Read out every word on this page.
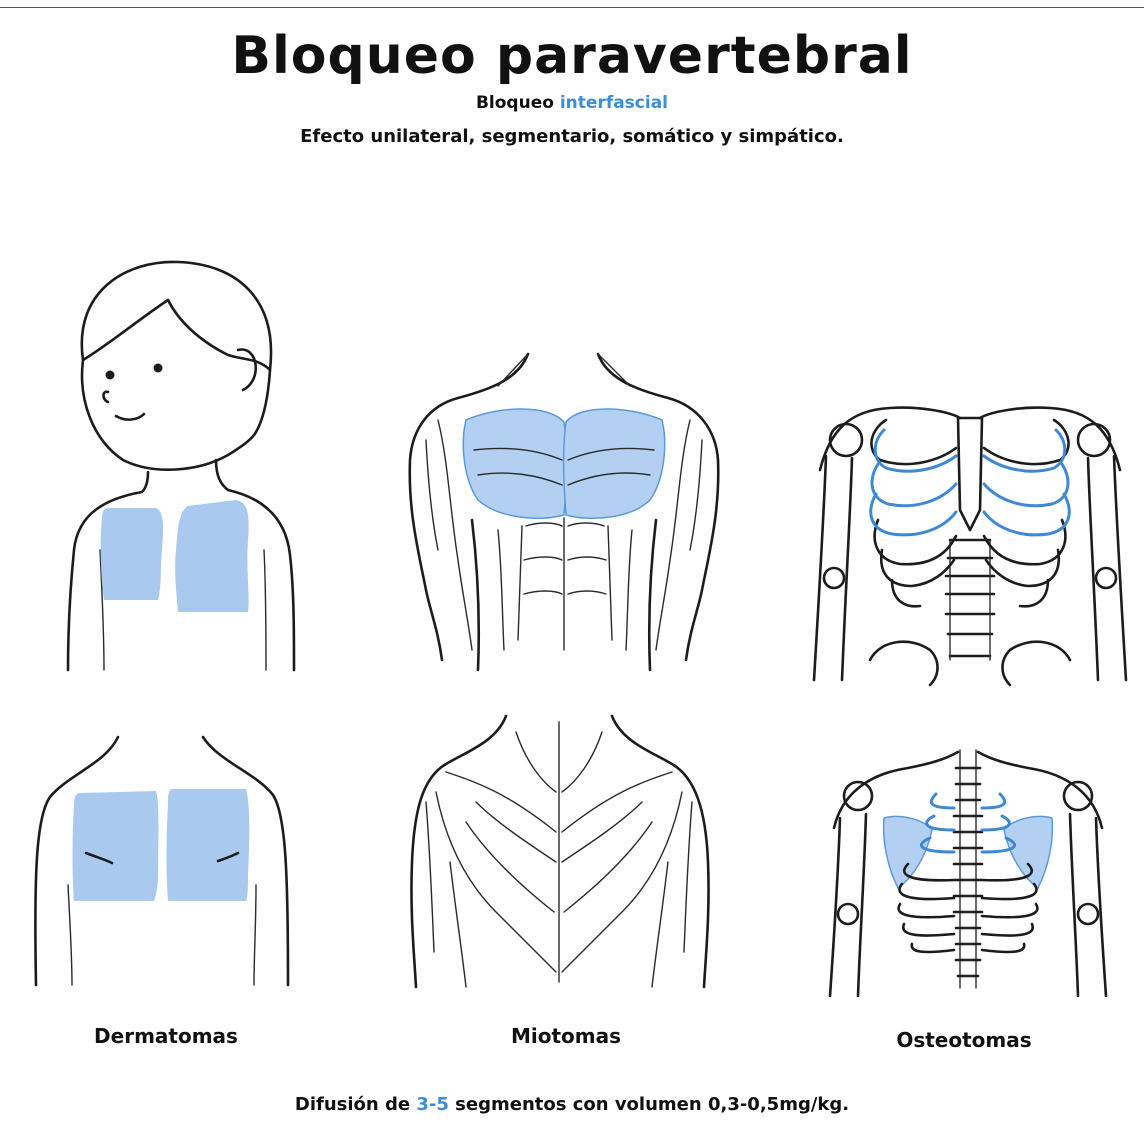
Bloqueo paravertebral
Bloqueo interfascial
Efecto unilateral, segmentario, somático y simpático.
Dermatomas	Miotomas	Osteotomas
Difusión de 3-5 segmentos con volumen 0,3-0,5mg/kg.
